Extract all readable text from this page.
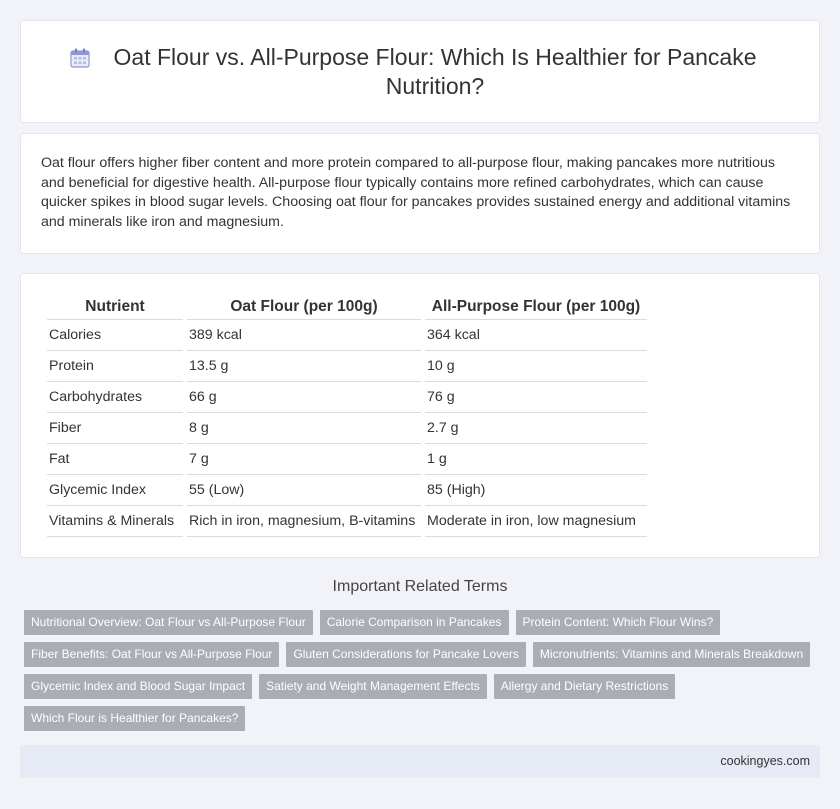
Oat Flour vs. All-Purpose Flour: Which Is Healthier for Pancake Nutrition?

Oat flour offers higher fiber content and more protein compared to all-purpose flour, making pancakes more nutritious and beneficial for digestive health. All-purpose flour typically contains more refined carbohydrates, which can cause quicker spikes in blood sugar levels. Choosing oat flour for pancakes provides sustained energy and additional vitamins and minerals like iron and magnesium.

Nutrient	Oat Flour (per 100g)	All-Purpose Flour (per 100g)
Calories	389 kcal	364 kcal
Protein	13.5 g	10 g
Carbohydrates	66 g	76 g
Fiber	8 g	2.7 g
Fat	7 g	1 g
Glycemic Index	55 (Low)	85 (High)
Vitamins & Minerals	Rich in iron, magnesium, B-vitamins	Moderate in iron, low magnesium
Important Related Terms
Nutritional Overview: Oat Flour vs All-Purpose Flour	Calorie Comparison in Pancakes	Protein Content: Which Flour Wins?
Fiber Benefits: Oat Flour vs All-Purpose Flour	Gluten Considerations for Pancake Lovers	Micronutrients: Vitamins and Minerals Breakdown
Glycemic Index and Blood Sugar Impact	Satiety and Weight Management Effects	Allergy and Dietary Restrictions
Which Flour is Healthier for Pancakes?
cookingyes.com
